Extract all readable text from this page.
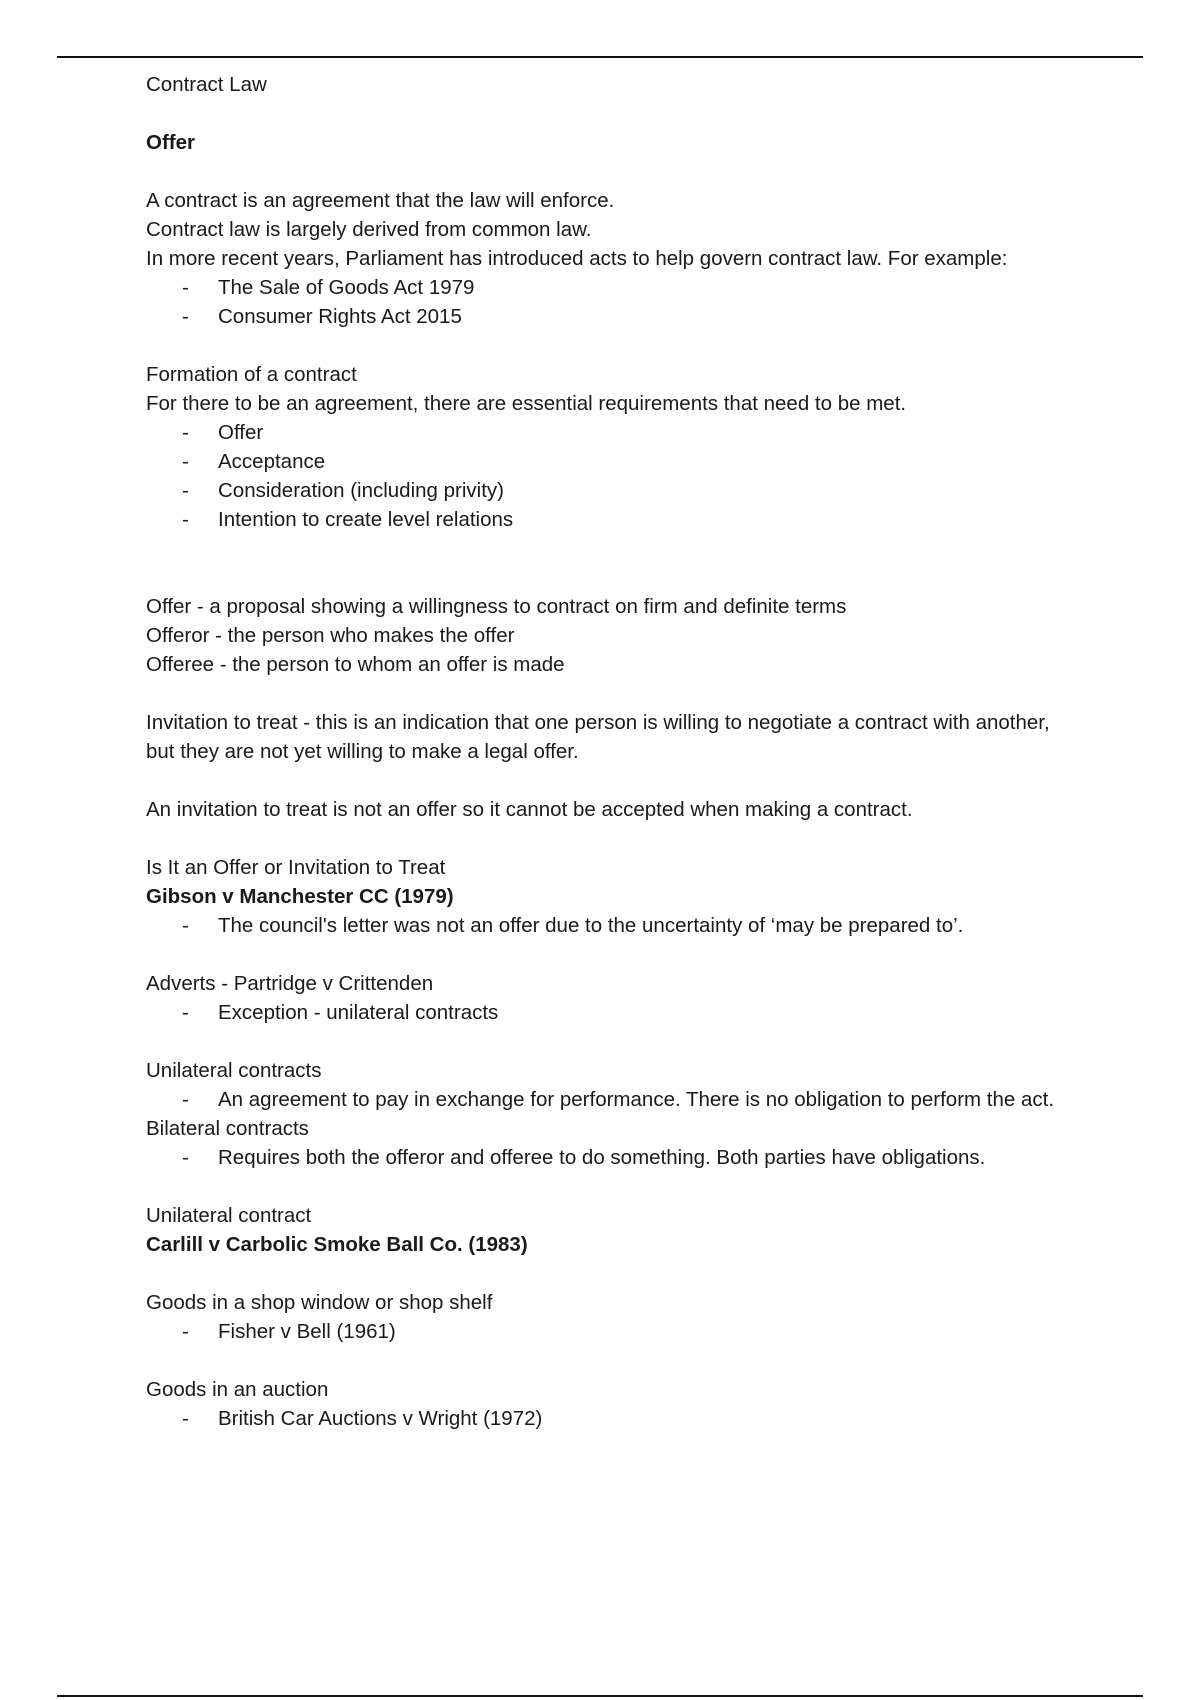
Contract Law
Offer
A contract is an agreement that the law will enforce.
Contract law is largely derived from common law.
In more recent years, Parliament has introduced acts to help govern contract law. For example:
- The Sale of Goods Act 1979
- Consumer Rights Act 2015
Formation of a contract
For there to be an agreement, there are essential requirements that need to be met.
- Offer
- Acceptance
- Consideration (including privity)
- Intention to create level relations
Offer - a proposal showing a willingness to contract on firm and definite terms
Offeror - the person who makes the offer
Offeree - the person to whom an offer is made
Invitation to treat - this is an indication that one person is willing to negotiate a contract with another, but they are not yet willing to make a legal offer.
An invitation to treat is not an offer so it cannot be accepted when making a contract.
Is It an Offer or Invitation to Treat
Gibson v Manchester CC (1979)
- The council's letter was not an offer due to the uncertainty of ‘may be prepared to’.
Adverts - Partridge v Crittenden
- Exception - unilateral contracts
Unilateral contracts
- An agreement to pay in exchange for performance. There is no obligation to perform the act.
Bilateral contracts
- Requires both the offeror and offeree to do something. Both parties have obligations.
Unilateral contract
Carlill v Carbolic Smoke Ball Co. (1983)
Goods in a shop window or shop shelf
- Fisher v Bell (1961)
Goods in an auction
- British Car Auctions v Wright (1972)
